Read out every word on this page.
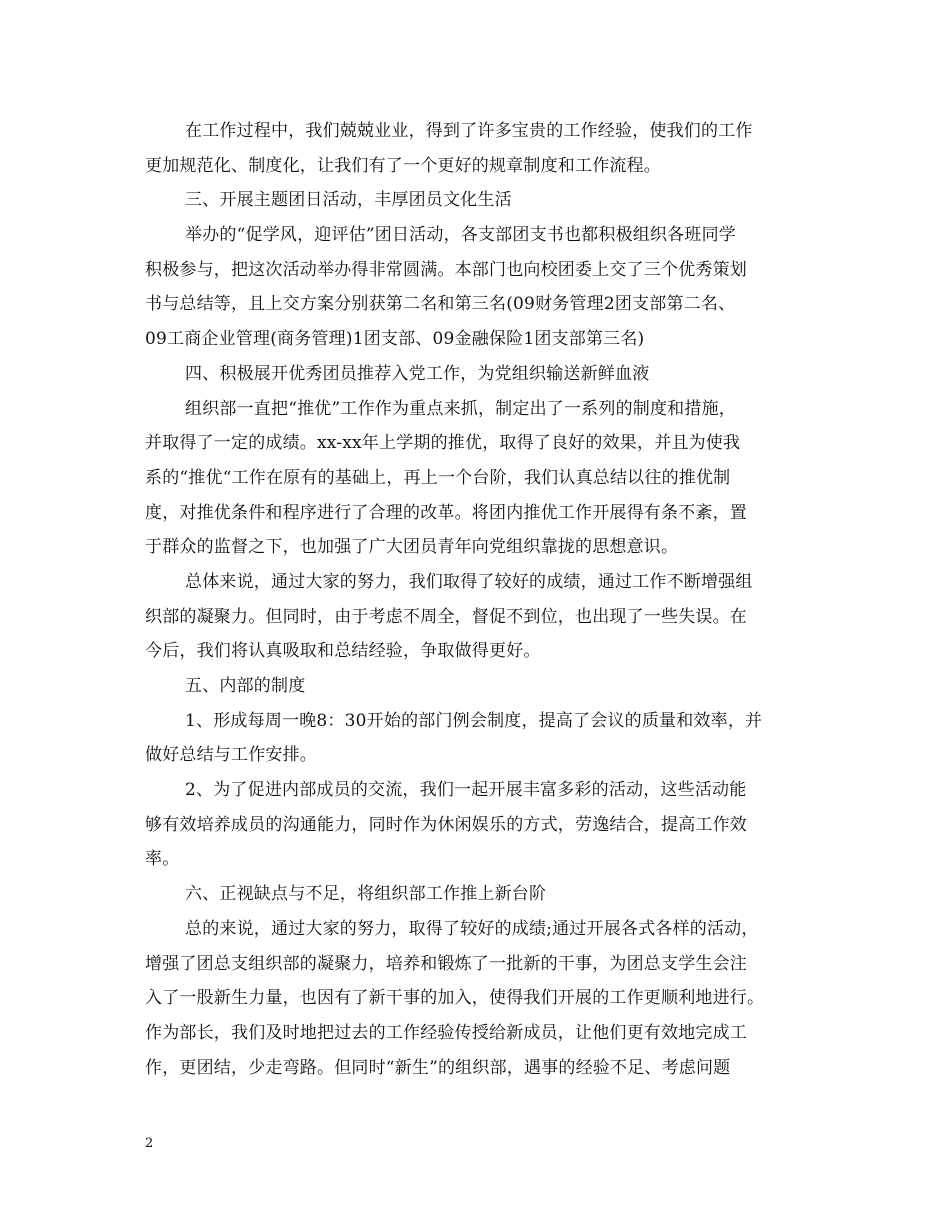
在工作过程中，我们兢兢业业，得到了许多宝贵的工作经验，使我们的工作
更加规范化、制度化，让我们有了一个更好的规章制度和工作流程。
三、开展主题团日活动，丰厚团员文化生活
举办的“促学风，迎评估”团日活动，各支部团支书也都积极组织各班同学
积极参与，把这次活动举办得非常圆满。本部门也向校团委上交了三个优秀策划
书与总结等，且上交方案分别获第二名和第三名(09财务管理2团支部第二名、
09工商企业管理(商务管理)1团支部、09金融保险1团支部第三名)
四、积极展开优秀团员推荐入党工作，为党组织输送新鲜血液
组织部一直把“推优”工作作为重点来抓，制定出了一系列的制度和措施，
并取得了一定的成绩。xx-xx年上学期的推优，取得了良好的效果，并且为使我
系的“推优“工作在原有的基础上，再上一个台阶，我们认真总结以往的推优制
度，对推优条件和程序进行了合理的改革。将团内推优工作开展得有条不紊，置
于群众的监督之下，也加强了广大团员青年向党组织靠拢的思想意识。
总体来说，通过大家的努力，我们取得了较好的成绩，通过工作不断增强组
织部的凝聚力。但同时，由于考虑不周全，督促不到位，也出现了一些失误。在
今后，我们将认真吸取和总结经验，争取做得更好。
五、内部的制度
1、形成每周一晚8：30开始的部门例会制度，提高了会议的质量和效率，并
做好总结与工作安排。
2、为了促进内部成员的交流，我们一起开展丰富多彩的活动，这些活动能
够有效培养成员的沟通能力，同时作为休闲娱乐的方式，劳逸结合，提高工作效
率。
六、正视缺点与不足，将组织部工作推上新台阶
总的来说，通过大家的努力，取得了较好的成绩;通过开展各式各样的活动，
增强了团总支组织部的凝聚力，培养和锻炼了一批新的干事，为团总支学生会注
入了一股新生力量，也因有了新干事的加入，使得我们开展的工作更顺利地进行。
作为部长，我们及时地把过去的工作经验传授给新成员，让他们更有效地完成工
作，更团结，少走弯路。但同时“新生”的组织部，遇事的经验不足、考虑问题
2
